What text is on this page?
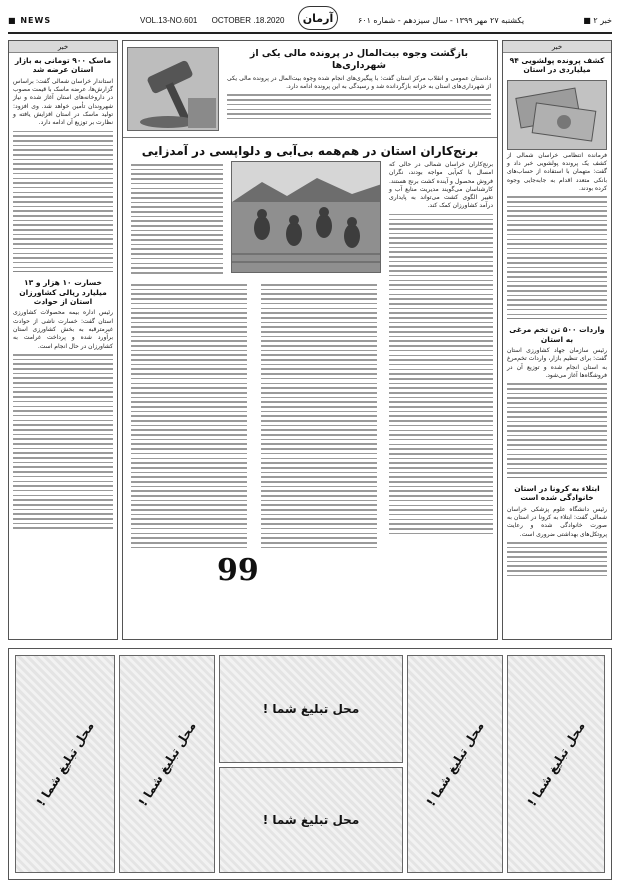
■ NEWS	VOL.13-NO.601 OCTOBER .18.2020	آرمان	یکشنبه ۲۷ مهر ۱۳۹۹ - سال سیزدهم - شماره ۶۰۱	خبر ۲ ■
خبر
ماسک ۹۰۰ تومانی به بازار استان عرضه شد
استاندار خراسان شمالی گفت: براساس گزارش‌ها، عرضه ماسک با قیمت مصوب در داروخانه‌های استان آغاز شده و نیاز شهروندان تأمین خواهد شد. وی افزود: تولید ماسک در استان افزایش یافته و نظارت بر توزیع آن ادامه دارد.
خسارت ۱۰ هزار و ۱۳ میلیارد ریالی کشاورزان استان از حوادث
رئیس اداره بیمه محصولات کشاورزی استان گفت: خسارت ناشی از حوادث غیرمترقبه به بخش کشاورزی استان برآورد شده و پرداخت غرامت به کشاورزان در حال انجام است.
بازگشت وجوه بیت‌المال در پرونده مالی یکی از شهرداری‌ها
دادستان عمومی و انقلاب مرکز استان گفت: با پیگیری‌های انجام شده وجوه بیت‌المال در پرونده مالی یکی از شهرداری‌های استان به خزانه بازگردانده شد و رسیدگی به این پرونده ادامه دارد.
برنج‌کاران استان در هم‌همه بی‌آبی و دلواپسی در آمدزایی
برنج‌کاران خراسان شمالی در حالی که امسال با کم‌آبی مواجه بودند، نگران فروش محصول و آینده کشت برنج هستند. کارشناسان می‌گویند مدیریت منابع آب و تغییر الگوی کشت می‌تواند به پایداری درآمد کشاورزان کمک کند.
99
خبر
کشف پرونده پولشویی ۹۴ میلیاردی در استان
فرمانده انتظامی خراسان شمالی از کشف یک پرونده پولشویی خبر داد و گفت: متهمان با استفاده از حساب‌های بانکی متعدد اقدام به جابه‌جایی وجوه کرده بودند.
واردات ۵۰۰ تن تخم مرغی به استان
رئیس سازمان جهاد کشاورزی استان گفت: برای تنظیم بازار، واردات تخم‌مرغ به استان انجام شده و توزیع آن در فروشگاه‌ها آغاز می‌شود.
ابتلاء به کرونا در استان خانوادگی شده است
رئیس دانشگاه علوم پزشکی خراسان شمالی گفت: ابتلاء به کرونا در استان به صورت خانوادگی شده و رعایت پروتکل‌های بهداشتی ضروری است.
محل تبلیغ شما !	محل تبلیغ شما !
محل تبلیغ شما !
محل تبلیغ شما !
محل تبلیغ شما !	محل تبلیغ شما !
